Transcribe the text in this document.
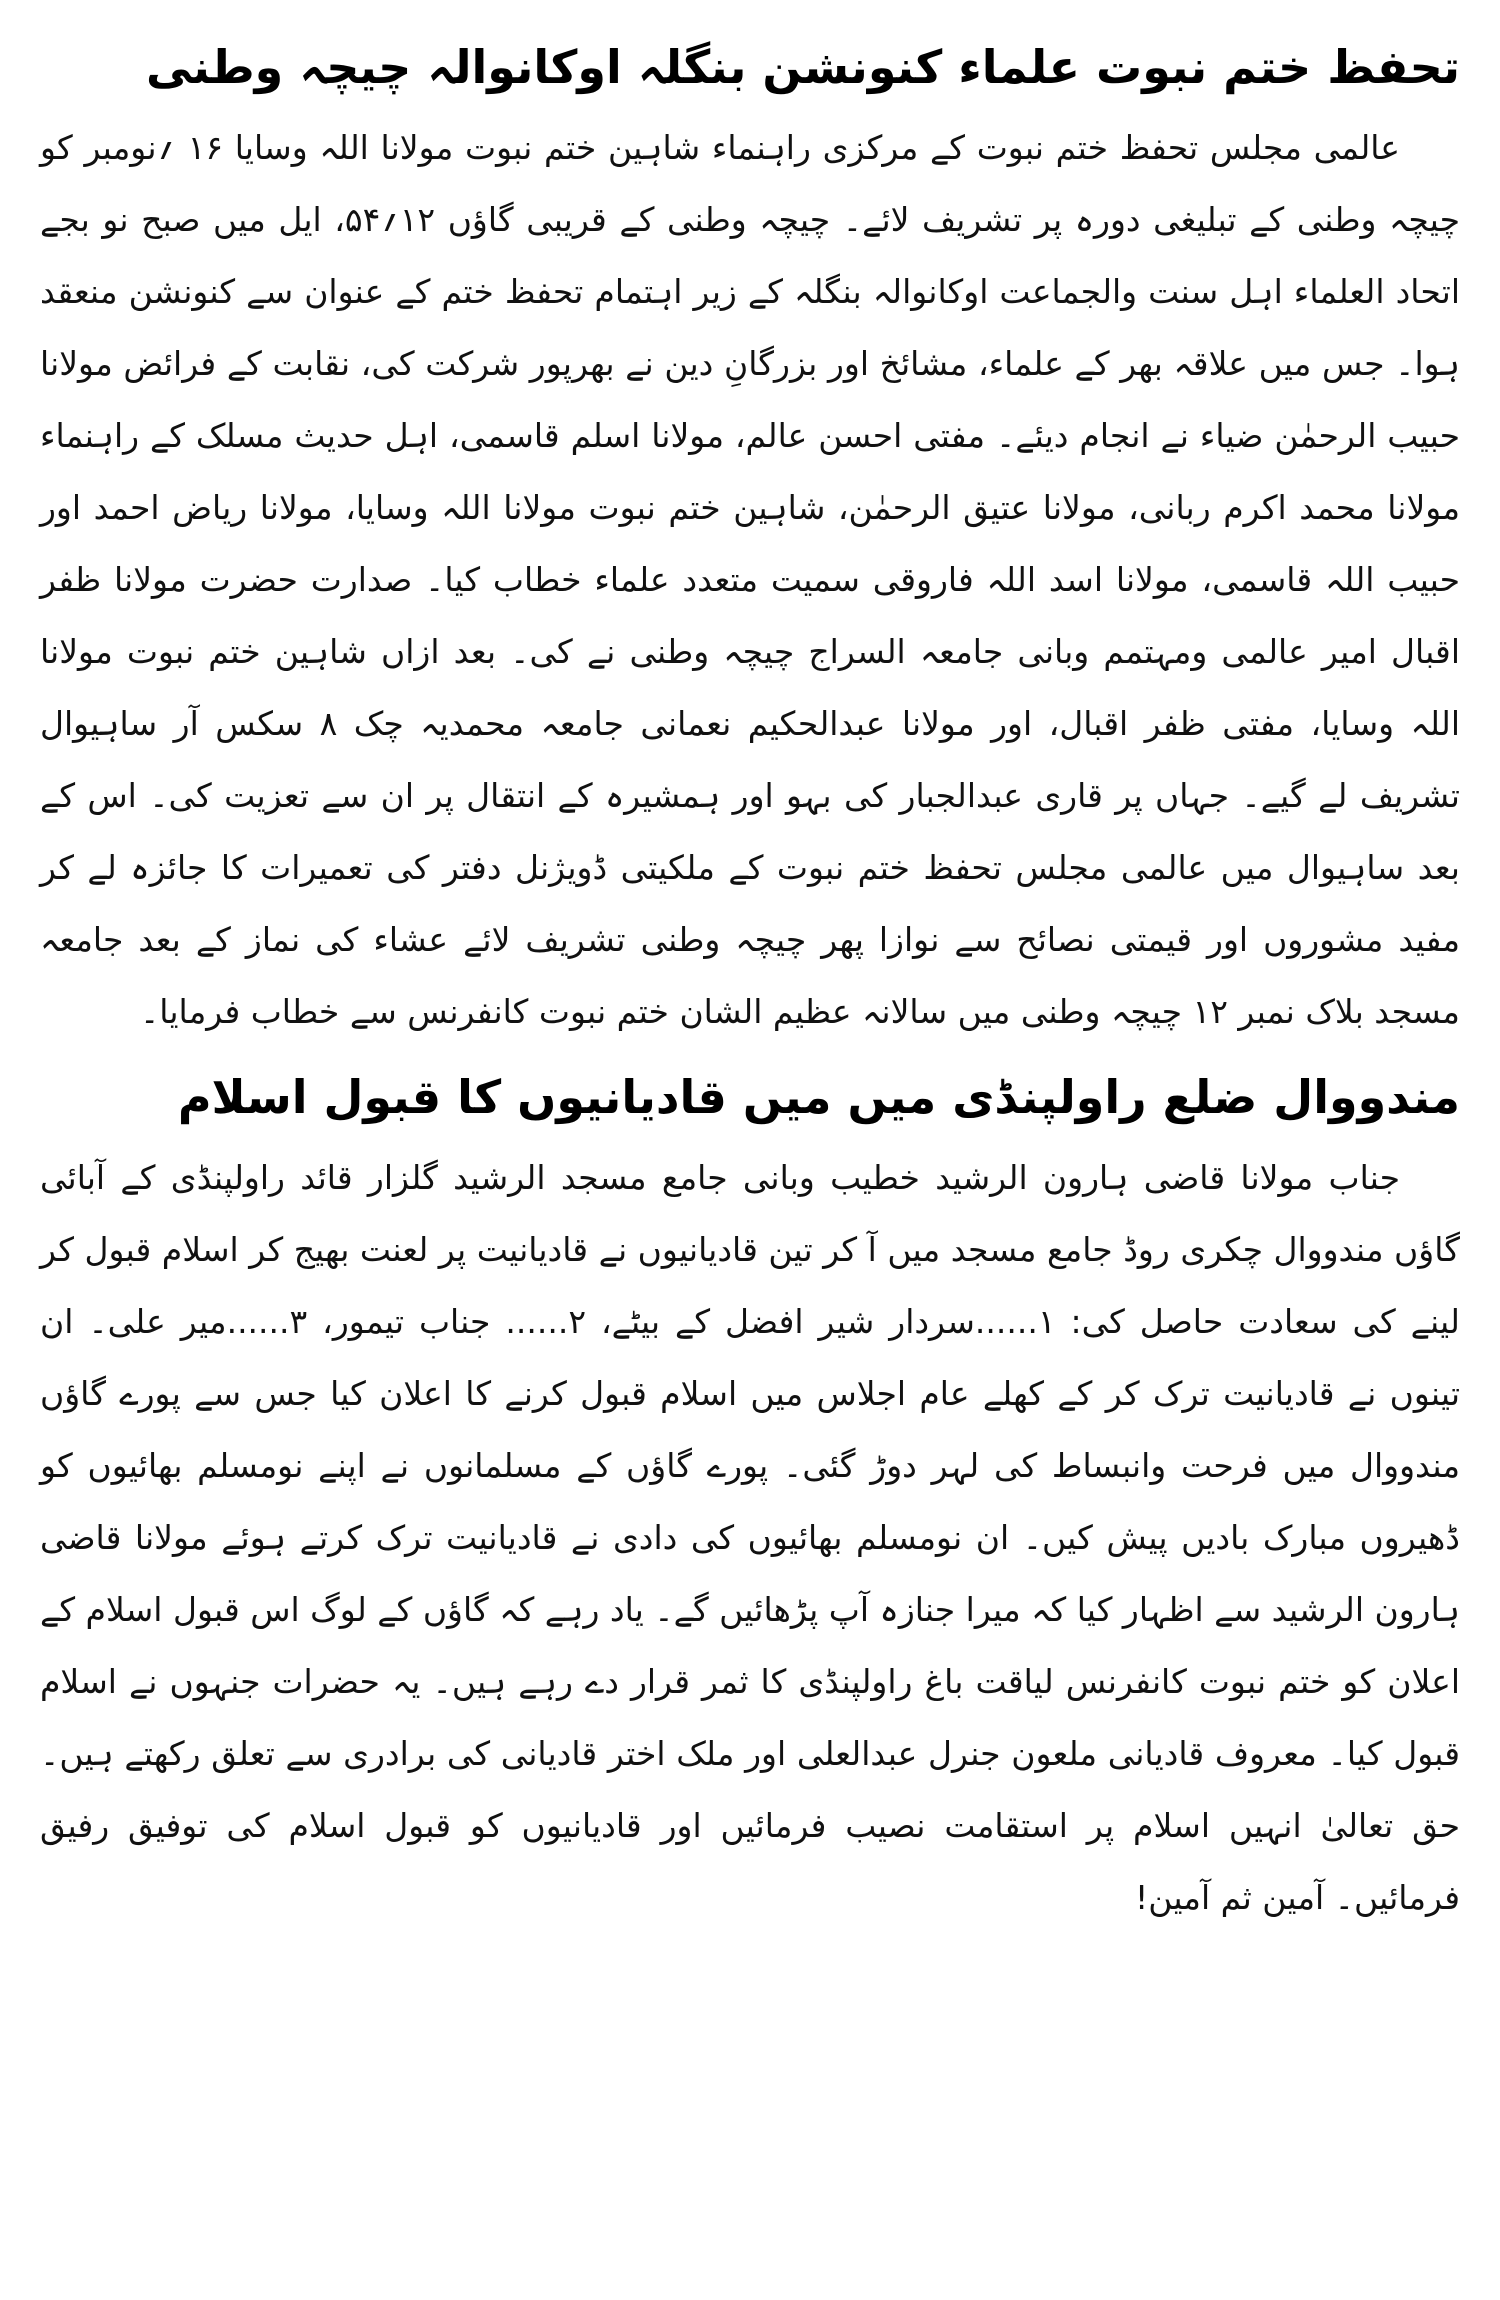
تحفظ ختم نبوت علماء کنونشن بنگلہ اوکانوالہ چیچہ وطنی

عالمی مجلس تحفظ ختم نبوت کے مرکزی راہنماء شاہین ختم نبوت مولانا اللہ وسایا ۱۶ ؍نومبر کو چیچہ وطنی کے تبلیغی دورہ پر تشریف لائے۔ چیچہ وطنی کے قریبی گاؤں ۱۲؍۵۴، ایل میں صبح نو بجے اتحاد العلماء اہل سنت والجماعت اوکانوالہ بنگلہ کے زیر اہتمام تحفظ ختم کے عنوان سے کنونشن منعقد ہوا۔ جس میں علاقہ بھر کے علماء، مشائخ اور بزرگانِ دین نے بھرپور شرکت کی، نقابت کے فرائض مولانا حبیب الرحمٰن ضیاء نے انجام دیئے۔ مفتی احسن عالم، مولانا اسلم قاسمی، اہل حدیث مسلک کے راہنماء مولانا محمد اکرم ربانی، مولانا عتیق الرحمٰن، شاہین ختم نبوت مولانا اللہ وسایا، مولانا ریاض احمد اور حبیب اللہ قاسمی، مولانا اسد اللہ فاروقی سمیت متعدد علماء خطاب کیا۔ صدارت حضرت مولانا ظفر اقبال امیر عالمی ومہتمم وبانی جامعہ السراج چیچہ وطنی نے کی۔ بعد ازاں شاہین ختم نبوت مولانا اللہ وسایا، مفتی ظفر اقبال، اور مولانا عبدالحکیم نعمانی جامعہ محمدیہ چک ۸ سکس آر ساہیوال تشریف لے گیے۔ جہاں پر قاری عبدالجبار کی بہو اور ہمشیرہ کے انتقال پر ان سے تعزیت کی۔ اس کے بعد ساہیوال میں عالمی مجلس تحفظ ختم نبوت کے ملکیتی ڈویژنل دفتر کی تعمیرات کا جائزہ لے کر مفید مشوروں اور قیمتی نصائح سے نوازا پھر چیچہ وطنی تشریف لائے عشاء کی نماز کے بعد جامعہ مسجد بلاک نمبر ۱۲ چیچہ وطنی میں سالانہ عظیم الشان ختم نبوت کانفرنس سے خطاب فرمایا۔

مندووال ضلع راولپنڈی میں میں قادیانیوں کا قبول اسلام

جناب مولانا قاضی ہارون الرشید خطیب وبانی جامع مسجد الرشید گلزار قائد راولپنڈی کے آبائی گاؤں مندووال چکری روڈ جامع مسجد میں آ کر تین قادیانیوں نے قادیانیت پر لعنت بھیج کر اسلام قبول کر لینے کی سعادت حاصل کی: ۱......سردار شیر افضل کے بیٹے، ۲...... جناب تیمور، ۳......میر علی۔ ان تینوں نے قادیانیت ترک کر کے کھلے عام اجلاس میں اسلام قبول کرنے کا اعلان کیا جس سے پورے گاؤں مندووال میں فرحت وانبساط کی لہر دوڑ گئی۔ پورے گاؤں کے مسلمانوں نے اپنے نومسلم بھائیوں کو ڈھیروں مبارک بادیں پیش کیں۔ ان نومسلم بھائیوں کی دادی نے قادیانیت ترک کرتے ہوئے مولانا قاضی ہارون الرشید سے اظہار کیا کہ میرا جنازہ آپ پڑھائیں گے۔ یاد رہے کہ گاؤں کے لوگ اس قبول اسلام کے اعلان کو ختم نبوت کانفرنس لیاقت باغ راولپنڈی کا ثمر قرار دے رہے ہیں۔ یہ حضرات جنہوں نے اسلام قبول کیا۔ معروف قادیانی ملعون جنرل عبدالعلی اور ملک اختر قادیانی کی برادری سے تعلق رکھتے ہیں۔ حق تعالیٰ انہیں اسلام پر استقامت نصیب فرمائیں اور قادیانیوں کو قبول اسلام کی توفیق رفیق فرمائیں۔ آمین ثم آمین!
